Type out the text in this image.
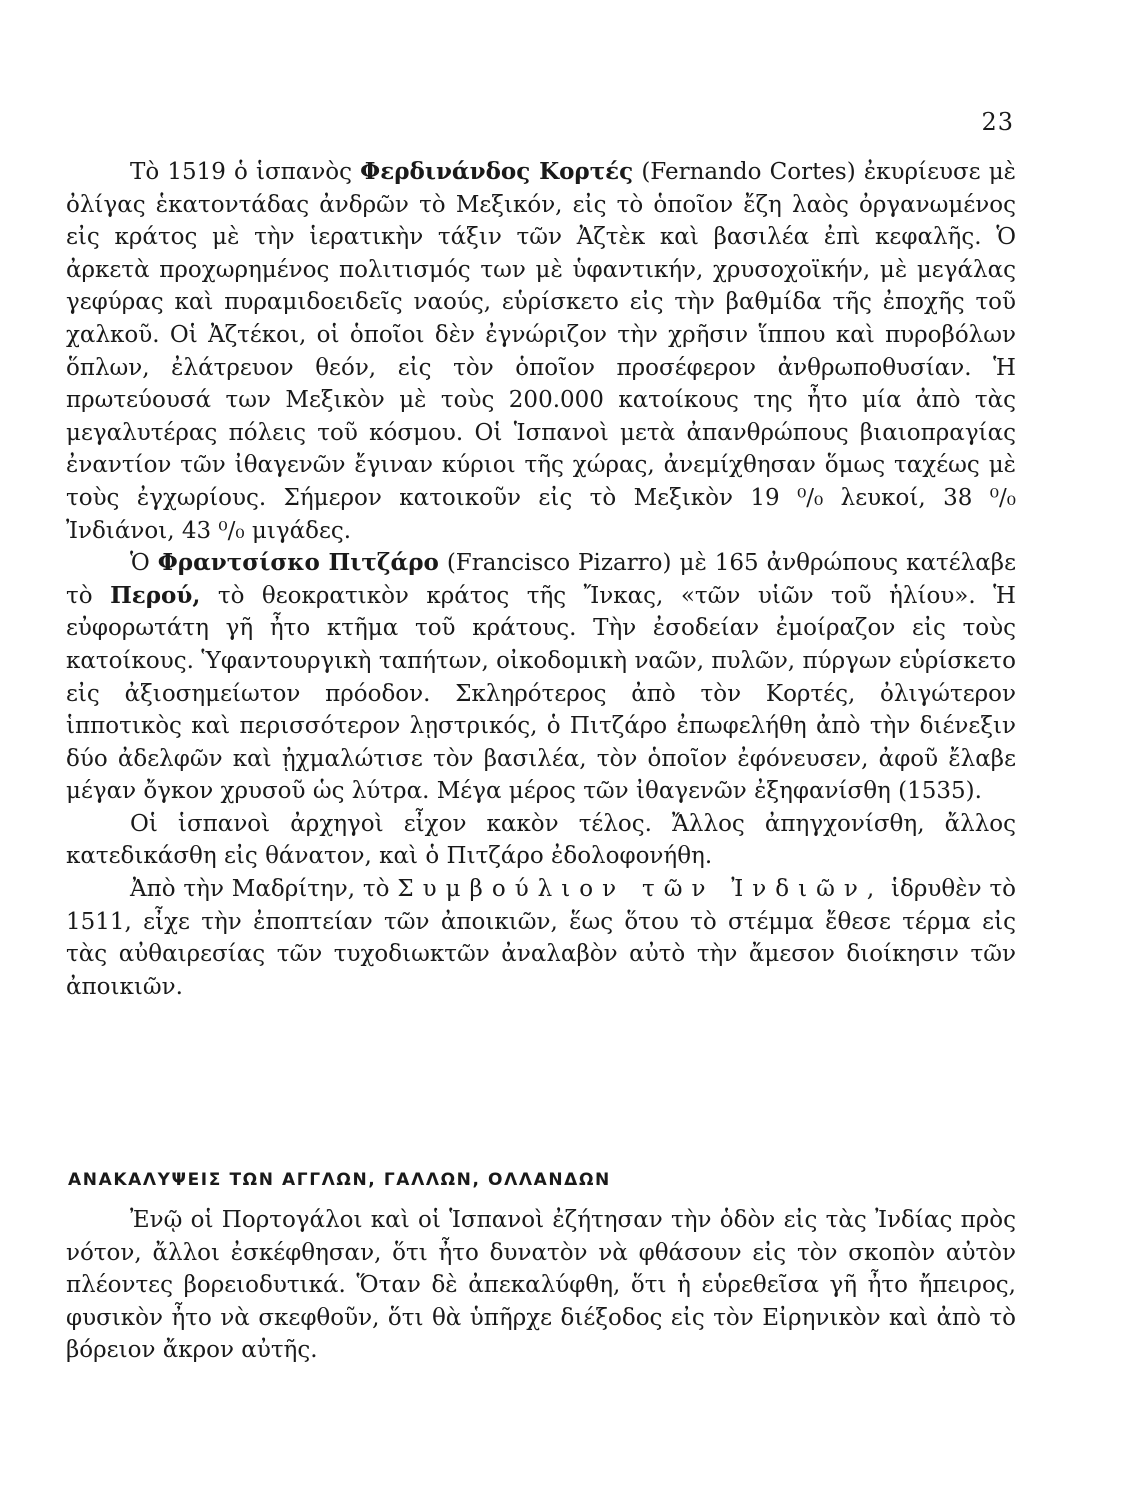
23

Τὸ 1519 ὁ ἱσπανὸς Φερδινάνδος Κορτές (Fernando Cortes) ἐκυρίευσε μὲ ὀλίγας ἑκατοντάδας ἀνδρῶν τὸ Μεξικόν, εἰς τὸ ὁποῖον ἔζη λαὸς ὀργανωμένος εἰς κράτος μὲ τὴν ἱερατικὴν τάξιν τῶν Ἀζτὲκ καὶ βασιλέα ἐπὶ κεφαλῆς. Ὁ ἀρκετὰ προχωρημένος πολιτισμός των μὲ ὑφαντικήν, χρυσοχοϊκήν, μὲ μεγάλας γεφύρας καὶ πυραμιδοειδεῖς ναούς, εὑρίσκετο εἰς τὴν βαθμίδα τῆς ἐποχῆς τοῦ χαλκοῦ. Οἱ Ἀζτέκοι, οἱ ὁποῖοι δὲν ἐγνώριζον τὴν χρῆσιν ἵππου καὶ πυροβόλων ὅπλων, ἐλάτρευον θεόν, εἰς τὸν ὁποῖον προσέφερον ἀνθρωποθυσίαν. Ἡ πρωτεύουσά των Μεξικὸν μὲ τοὺς 200.000 κατοίκους της ἦτο μία ἀπὸ τὰς μεγαλυτέρας πόλεις τοῦ κόσμου. Οἱ Ἱσπανοὶ μετὰ ἀπανθρώπους βιαιοπραγίας ἐναντίον τῶν ἰθαγενῶν ἔγιναν κύριοι τῆς χώρας, ἀνεμίχθησαν ὅμως ταχέως μὲ τοὺς ἐγχωρίους. Σήμερον κατοικοῦν εἰς τὸ Μεξικὸν 19 ⁰/₀ λευκοί, 38 ⁰/₀ Ἰνδιάνοι, 43 ⁰/₀ μιγάδες.

Ὁ Φραντσίσκο Πιτζάρο (Francisco Pizarro) μὲ 165 ἀνθρώπους κατέλαβε τὸ Περού, τὸ θεοκρατικὸν κράτος τῆς Ἴνκας, «τῶν υἱῶν τοῦ ἡλίου». Ἡ εὐφορωτάτη γῆ ἦτο κτῆμα τοῦ κράτους. Τὴν ἐσοδείαν ἐμοίραζον εἰς τοὺς κατοίκους. Ὑφαντουργικὴ ταπήτων, οἰκοδομικὴ ναῶν, πυλῶν, πύργων εὑρίσκετο εἰς ἀξιοσημείωτον πρόοδον. Σκληρότερος ἀπὸ τὸν Κορτές, ὀλιγώτερον ἱπποτικὸς καὶ περισσότερον λῃστρικός, ὁ Πιτζάρο ἐπωφελήθη ἀπὸ τὴν διένεξιν δύο ἀδελφῶν καὶ ᾐχμαλώτισε τὸν βασιλέα, τὸν ὁποῖον ἐφόνευσεν, ἀφοῦ ἔλαβε μέγαν ὄγκον χρυσοῦ ὡς λύτρα. Μέγα μέρος τῶν ἰθαγενῶν ἐξηφανίσθη (1535).

Οἱ ἱσπανοὶ ἀρχηγοὶ εἶχον κακὸν τέλος. Ἄλλος ἀπηγχονίσθη, ἄλλος κατεδικάσθη εἰς θάνατον, καὶ ὁ Πιτζάρο ἐδολοφονήθη.

Ἀπὸ τὴν Μαδρίτην, τὸ Συμβούλιον τῶν Ἰνδιῶν, ἱδρυθὲν τὸ 1511, εἶχε τὴν ἐποπτείαν τῶν ἀποικιῶν, ἕως ὅτου τὸ στέμμα ἔθεσε τέρμα εἰς τὰς αὐθαιρεσίας τῶν τυχοδιωκτῶν ἀναλαβὸν αὐτὸ τὴν ἄμεσον διοίκησιν τῶν ἀποικιῶν.

ΑΝΑΚΑΛΥΨΕΙΣ ΤΩΝ ΑΓΓΛΩΝ, ΓΑΛΛΩΝ, ΟΛΛΑΝΔΩΝ

Ἐνῷ οἱ Πορτογάλοι καὶ οἱ Ἱσπανοὶ ἐζήτησαν τὴν ὁδὸν εἰς τὰς Ἰνδίας πρὸς νότον, ἄλλοι ἐσκέφθησαν, ὅτι ἦτο δυνατὸν νὰ φθάσουν εἰς τὸν σκοπὸν αὐτὸν πλέοντες βορειοδυτικά. Ὅταν δὲ ἀπεκαλύφθη, ὅτι ἡ εὑρεθεῖσα γῆ ἦτο ἤπειρος, φυσικὸν ἦτο νὰ σκεφθοῦν, ὅτι θὰ ὑπῆρχε διέξοδος εἰς τὸν Εἰρηνικὸν καὶ ἀπὸ τὸ βόρειον ἄκρον αὐτῆς.
